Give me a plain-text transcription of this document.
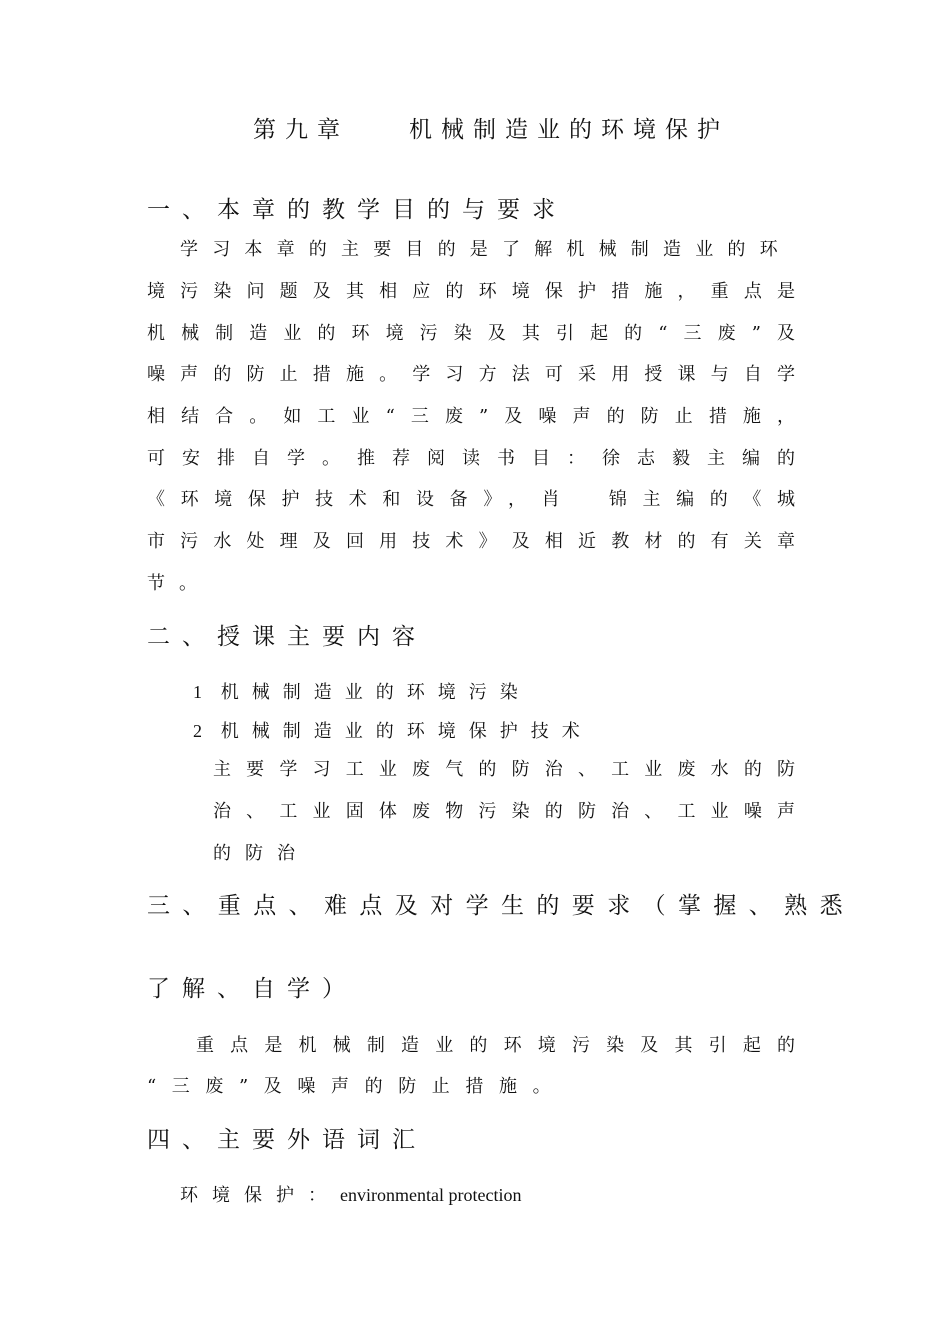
第九章	机械制造业的环境保护
一、本章的教学目的与要求
学习本章的主要目的是了解机械制造业的环
境污染问题及其相应的环境保护措施，重点是
机械制造业的环境污染及其引起的“三废”及
噪声的防止措施。学习方法可采用授课与自学
相结合。如工业“三废”及噪声的防止措施，
可安排自学。推荐阅读书目：徐志毅主编的
《环境保护技术和设备》，肖　锦主编的《城
市污水处理及回用技术》及相近教材的有关章
节。
二、授课主要内容
1 机械制造业的环境污染
2 机械制造业的环境保护技术
主要学习工业废气的防治、工业废水的防
治、工业固体废物污染的防治、工业噪声
的防治
三、重点、难点及对学生的要求（掌握、熟悉
了解、自学）
重点是机械制造业的环境污染及其引起的
“三废”及噪声的防止措施。
四、主要外语词汇
环境保护：environmental protection
